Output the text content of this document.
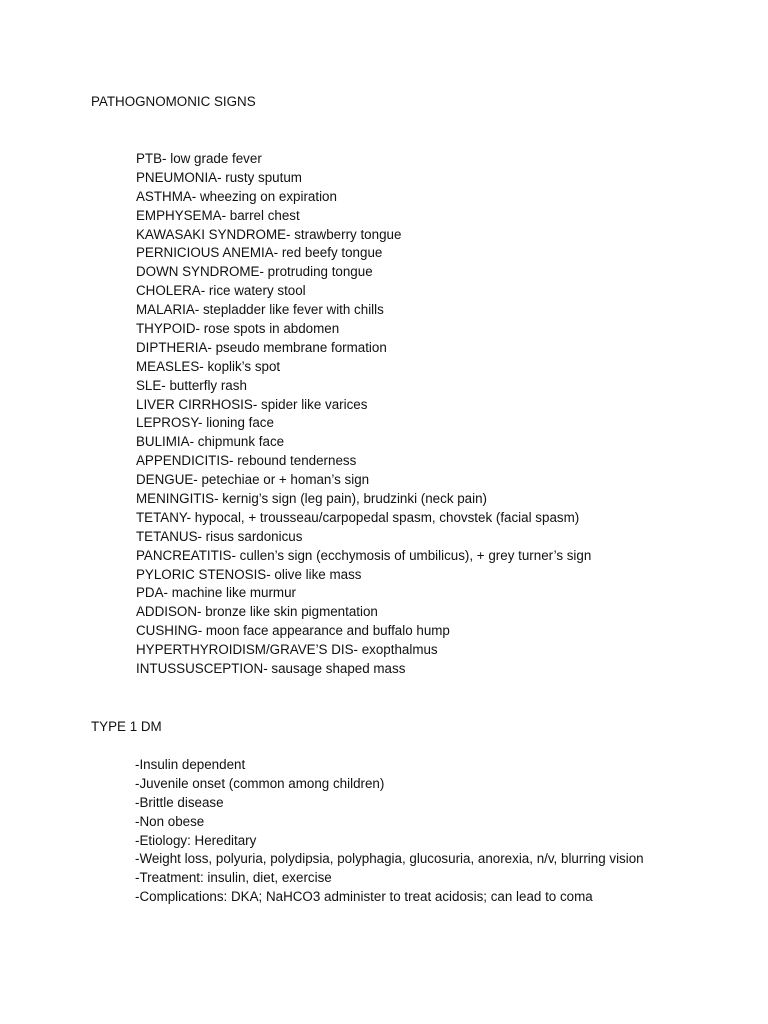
PATHOGNOMONIC SIGNS
PTB- low grade fever
PNEUMONIA- rusty sputum
ASTHMA- wheezing on expiration
EMPHYSEMA- barrel chest
KAWASAKI SYNDROME- strawberry tongue
PERNICIOUS ANEMIA- red beefy tongue
DOWN SYNDROME- protruding tongue
CHOLERA- rice watery stool
MALARIA- stepladder like fever with chills
THYPOID- rose spots in abdomen
DIPTHERIA- pseudo membrane formation
MEASLES- koplik’s spot
SLE- butterfly rash
LIVER CIRRHOSIS- spider like varices
LEPROSY- lioning face
BULIMIA- chipmunk face
APPENDICITIS- rebound tenderness
DENGUE- petechiae or + homan’s sign
MENINGITIS- kernig’s sign (leg pain), brudzinki (neck pain)
TETANY- hypocal, + trousseau/carpopedal spasm, chovstek (facial spasm)
TETANUS- risus sardonicus
PANCREATITIS- cullen’s sign (ecchymosis of umbilicus), + grey turner’s sign
PYLORIC STENOSIS- olive like mass
PDA- machine like murmur
ADDISON- bronze like skin pigmentation
CUSHING- moon face appearance and buffalo hump
HYPERTHYROIDISM/GRAVE’S DIS- exopthalmus
INTUSSUSCEPTION- sausage shaped mass
TYPE 1 DM
-Insulin dependent
-Juvenile onset (common among children)
-Brittle disease
-Non obese
-Etiology: Hereditary
-Weight loss, polyuria, polydipsia, polyphagia, glucosuria, anorexia, n/v, blurring vision
-Treatment: insulin, diet, exercise
-Complications: DKA; NaHCO3 administer to treat acidosis; can lead to coma
